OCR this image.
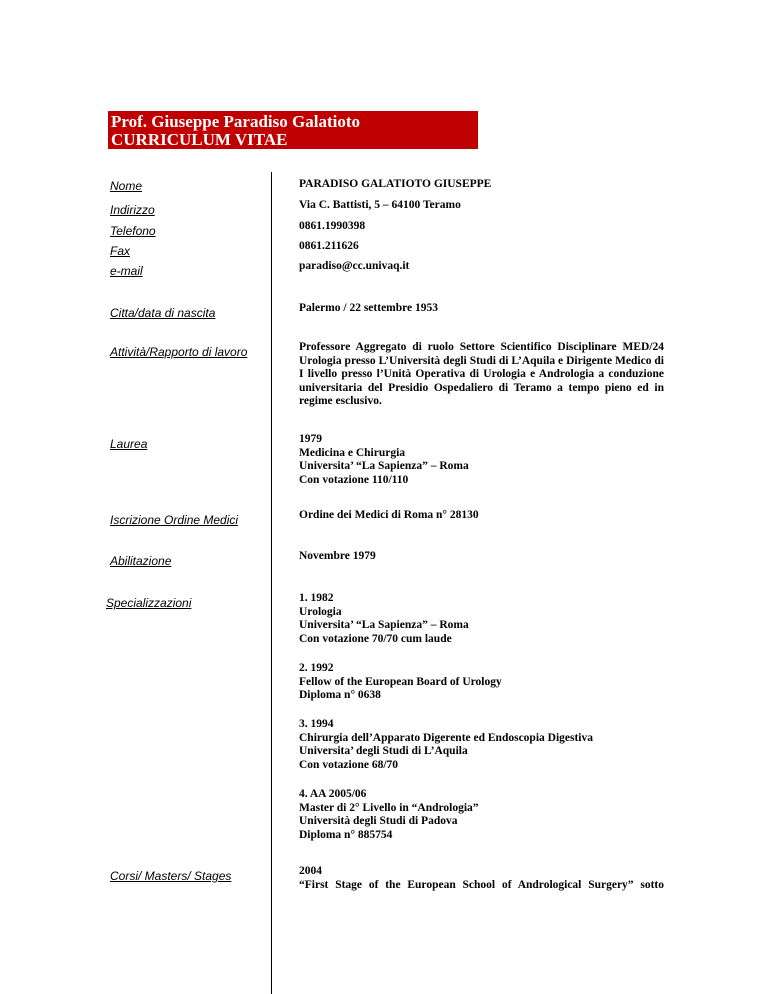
Prof. Giuseppe Paradiso Galatioto
CURRICULUM VITAE
Nome
Indirizzo
Telefono
Fax
e-mail
Citta/data di nascita
Attività/Rapporto di lavoro
Laurea
Iscrizione Ordine Medici
Abilitazione
Specializzazioni
Corsi/ Masters/ Stages
PARADISO GALATIOTO GIUSEPPE
Via C. Battisti, 5 – 64100 Teramo
0861.1990398
0861.211626
paradiso@cc.univaq.it
Palermo / 22 settembre 1953
Professore Aggregato di ruolo Settore Scientifico Disciplinare MED/24 Urologia presso L’Università degli Studi di L’Aquila e Dirigente Medico di I livello presso l’Unità Operativa di Urologia e Andrologia a conduzione universitaria del Presidio Ospedaliero di Teramo a tempo pieno ed in regime esclusivo.
1979
Medicina e Chirurgia
Universita’ “La Sapienza” – Roma
Con votazione 110/110
Ordine dei Medici di Roma n° 28130
Novembre 1979
1. 1982
Urologia
Universita’ “La Sapienza” – Roma
Con votazione 70/70 cum laude
2. 1992
Fellow of the European Board of Urology
Diploma n° 0638
3. 1994
Chirurgia dell’Apparato Digerente ed Endoscopia Digestiva
Universita’ degli Studi di L’Aquila
Con votazione 68/70
4. AA 2005/06
Master di 2° Livello in “Andrologia”
Università degli Studi di Padova
Diploma n° 885754
2004
“First Stage of the European School of Andrological Surgery” sotto
